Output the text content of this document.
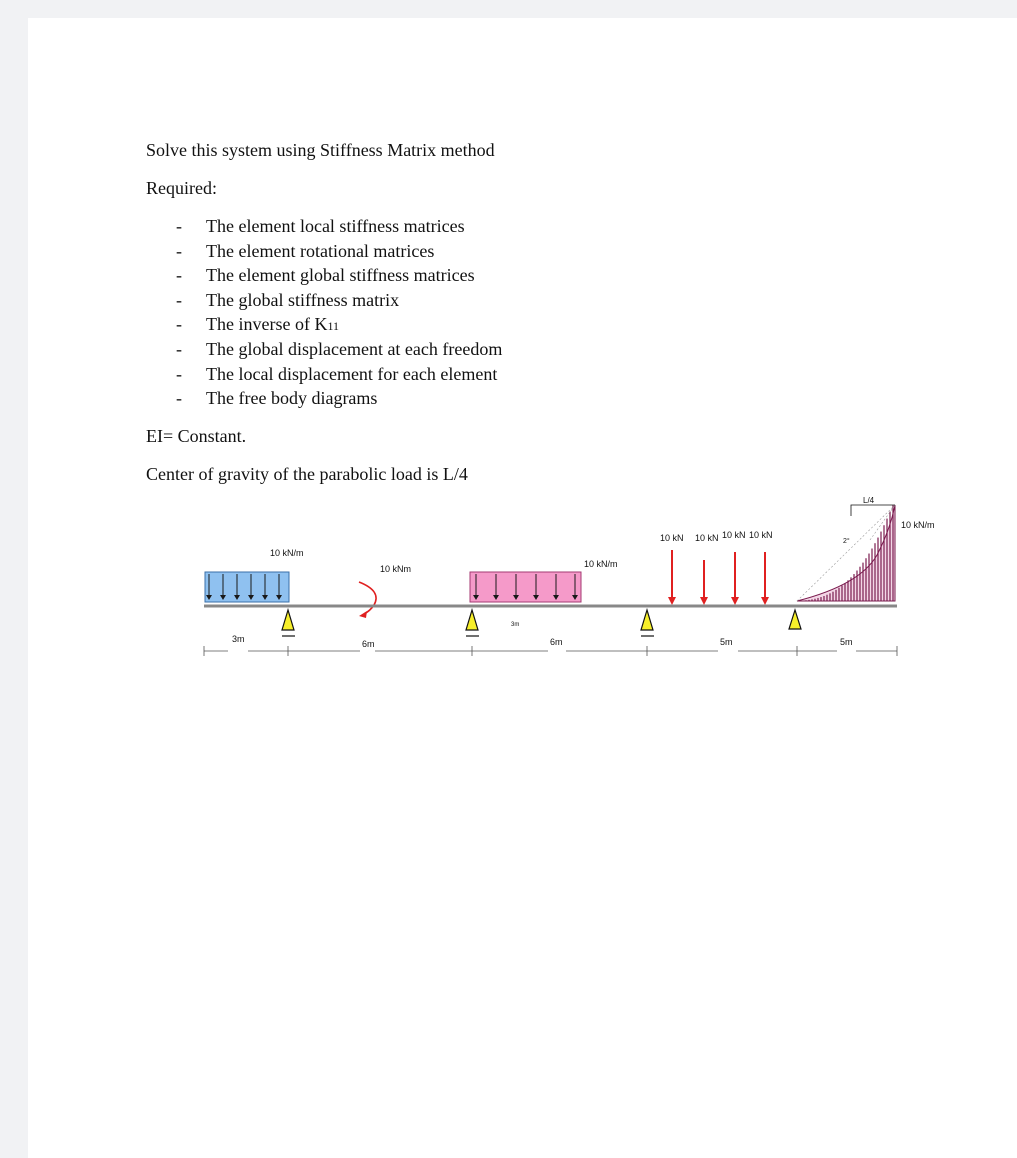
Solve this system using Stiffness Matrix method
Required:
- The element local stiffness matrices
- The element rotational matrices
- The element global stiffness matrices
- The global stiffness matrix
- The inverse of K11
- The global displacement at each freedom
- The local displacement for each element
- The free body diagrams
EI= Constant.
Center of gravity of the parabolic load is L/4
10 kN/m
10 kNm	10 kN/m
3m
10 kN 10 kN 10 kN 10 kN
L/4
2°
10 kN/m
3m	6m	6m	5m	5m
